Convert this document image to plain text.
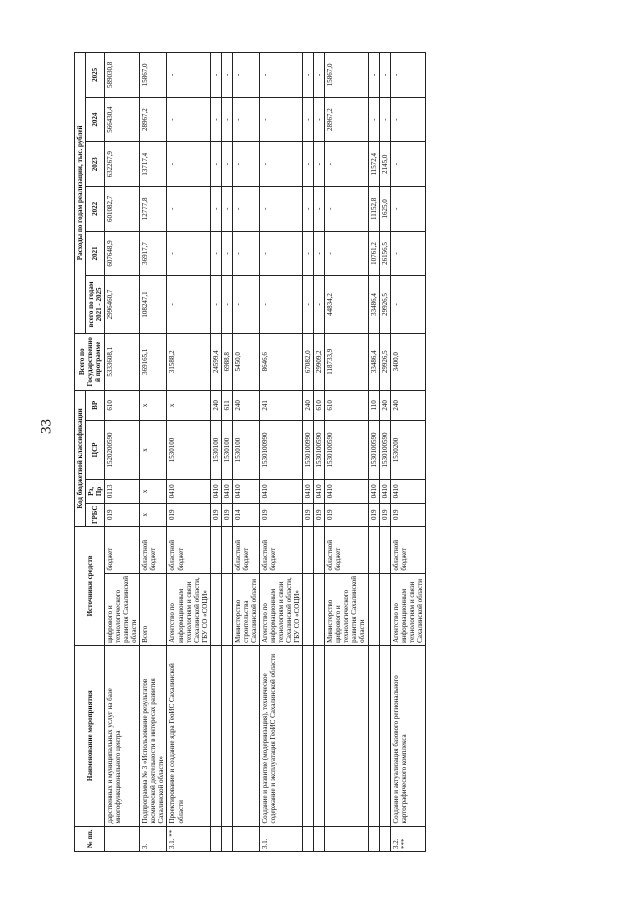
33
№ пп.	Наименование мероприятия	Источники средств		Код бюджетной классификации				Всего по Государственной программе	Расходы по годам реализации, тыс. рублей					
				ГРБС	Рз, Пр	ЦСР	ВР		всего по годам 2021 - 2025	2021	2022	2023	2024	2025
	дарственных и муниципальных услуг на базе многофункционального центра	цифрового и технологического развития Сахалинской области	бюджет	019	0113	1520200590	610	5333608,1	2996460,7	607648,9	601082,7	632267,9	566430,4	589030,8
3.	Подпрограмма № 3 «Использование результатов космической деятельности в интересах развития Сахалинской области»	Всего	областной бюджет	х	х	х	х	369165,1	108247,1	36917,7	12777,8	13717,4	28967,2	15867,0
3.1. **	Проектирование и создание ядра ГеоИС Сахалинской области	Агентство по информационным технологиям и связи Сахалинской области, ГБУ СО «СОЦИ»	областной бюджет	019	0410	1530100	х	31588,2	-	-	-	-	-	-
				019	0410	1530100	240	24599,4	-	-	-	-	-	-
				019	0410	1530100	611	6988,8	-	-	-	-	-	-
		Министерство строительства Сахалинской области	областной бюджет	014	0410	1530100	240	5450,0	-	-	-	-	-	-
3.1.	Создание и развитие (модернизация), техническое содержание и эксплуатация ГеоИС Сахалинской области	Агентство по информационным технологиям и связи Сахалинской области, ГБУ СО «СОЦИ»	областной бюджет	019	0410	1530100990	241	8646,6	-	-	-	-	-	-
				019	0410	1530100990	240	67082,0	-	-	-	-	-	-
				019	0410	1530100590	610	29909,2	-	-	-	-	-	-
		Министерство цифрового и технологического развития Сахалинской области	областной бюджет	019	0410	1530100590	610	118733,9	44834,2	-	-	-	28967,2	15867,0
				019	0410	1530100590	110	33486,4	33486,4	10761,2	11152,8	11572,4	-	-
				019	0410	1530100590	240	29926,5	29926,5	26156,5	1625,0	2145,0	-	-
3.2. ***	Создание и актуализация базового регионального картографического комплекса	Агентство по информационным технологиям и связи Сахалинской области	областной бюджет	019	0410	1530200	240	3400,0	-	-	-	-	-	-
